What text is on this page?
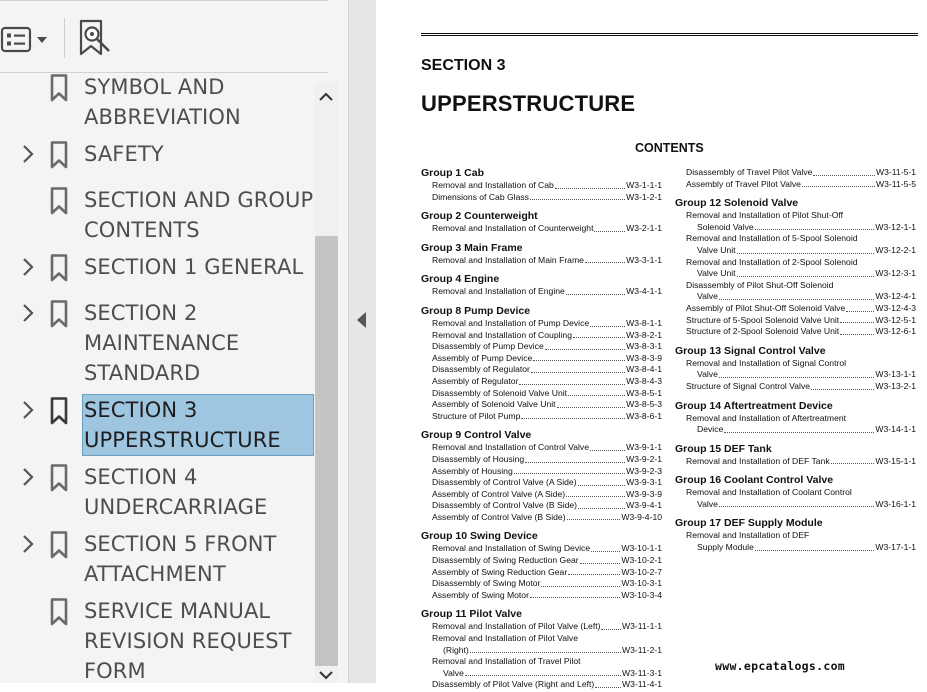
SYMBOL AND ABBREVIATION
SAFETY
SECTION AND GROUP CONTENTS
SECTION 1 GENERAL
SECTION 2 MAINTENANCE STANDARD
SECTION 3 UPPERSTRUCTURE
SECTION 4 UNDERCARRIAGE
SECTION 5 FRONT ATTACHMENT
SERVICE MANUAL REVISION REQUEST FORM
SECTION 3
UPPERSTRUCTURE
CONTENTS
Group 1 Cab
Removal and Installation of Cab	W3-1-1-1
Dimensions of Cab Glass	W3-1-2-1
Group 2 Counterweight
Removal and Installation of Counterweight	W3-2-1-1
Group 3 Main Frame
Removal and Installation of Main Frame	W3-3-1-1
Group 4 Engine
Removal and Installation of Engine	W3-4-1-1
Group 8 Pump Device
Removal and Installation of Pump Device	W3-8-1-1
Removal and Installation of Coupling	W3-8-2-1
Disassembly of Pump Device	W3-8-3-1
Assembly of Pump Device	W3-8-3-9
Disassembly of Regulator	W3-8-4-1
Assembly of Regulator	W3-8-4-3
Disassembly of Solenoid Valve Unit	W3-8-5-1
Assembly of Solenoid Valve Unit	W3-8-5-3
Structure of Pilot Pump	W3-8-6-1
Group 9 Control Valve
Removal and Installation of Control Valve	W3-9-1-1
Disassembly of Housing	W3-9-2-1
Assembly of Housing	W3-9-2-3
Disassembly of Control Valve (A Side)	W3-9-3-1
Assembly of Control Valve (A Side)	W3-9-3-9
Disassembly of Control Valve (B Side)	W3-9-4-1
Assembly of Control Valve (B Side)	W3-9-4-10
Group 10 Swing Device
Removal and Installation of Swing Device	W3-10-1-1
Disassembly of Swing Reduction Gear	W3-10-2-1
Assembly of Swing Reduction Gear	W3-10-2-7
Disassembly of Swing Motor	W3-10-3-1
Assembly of Swing Motor	W3-10-3-4
Group 11 Pilot Valve
Removal and Installation of Pilot Valve (Left)	W3-11-1-1
Removal and Installation of Pilot Valve
(Right)	W3-11-2-1
Removal and Installation of Travel Pilot
Valve	W3-11-3-1
Disassembly of Pilot Valve (Right and Left)	W3-11-4-1
Disassembly of Travel Pilot Valve	W3-11-5-1
Assembly of Travel Pilot Valve	W3-11-5-5
Group 12 Solenoid Valve
Removal and Installation of Pilot Shut-Off
Solenoid Valve	W3-12-1-1
Removal and Installation of 5-Spool Solenoid
Valve Unit	W3-12-2-1
Removal and Installation of 2-Spool Solenoid
Valve Unit	W3-12-3-1
Disassembly of Pilot Shut-Off Solenoid
Valve	W3-12-4-1
Assembly of Pilot Shut-Off Solenoid Valve	W3-12-4-3
Structure of 5-Spool Solenoid Valve Unit	W3-12-5-1
Structure of 2-Spool Solenoid Valve Unit	W3-12-6-1
Group 13 Signal Control Valve
Removal and Installation of Signal Control
Valve	W3-13-1-1
Structure of Signal Control Valve	W3-13-2-1
Group 14 Aftertreatment Device
Removal and Installation of Aftertreatment
Device	W3-14-1-1
Group 15 DEF Tank
Removal and Installation of DEF Tank	W3-15-1-1
Group 16 Coolant Control Valve
Removal and Installation of Coolant Control
Valve	W3-16-1-1
Group 17 DEF Supply Module
Removal and Installation of DEF
Supply Module	W3-17-1-1
www.epcatalogs.com
